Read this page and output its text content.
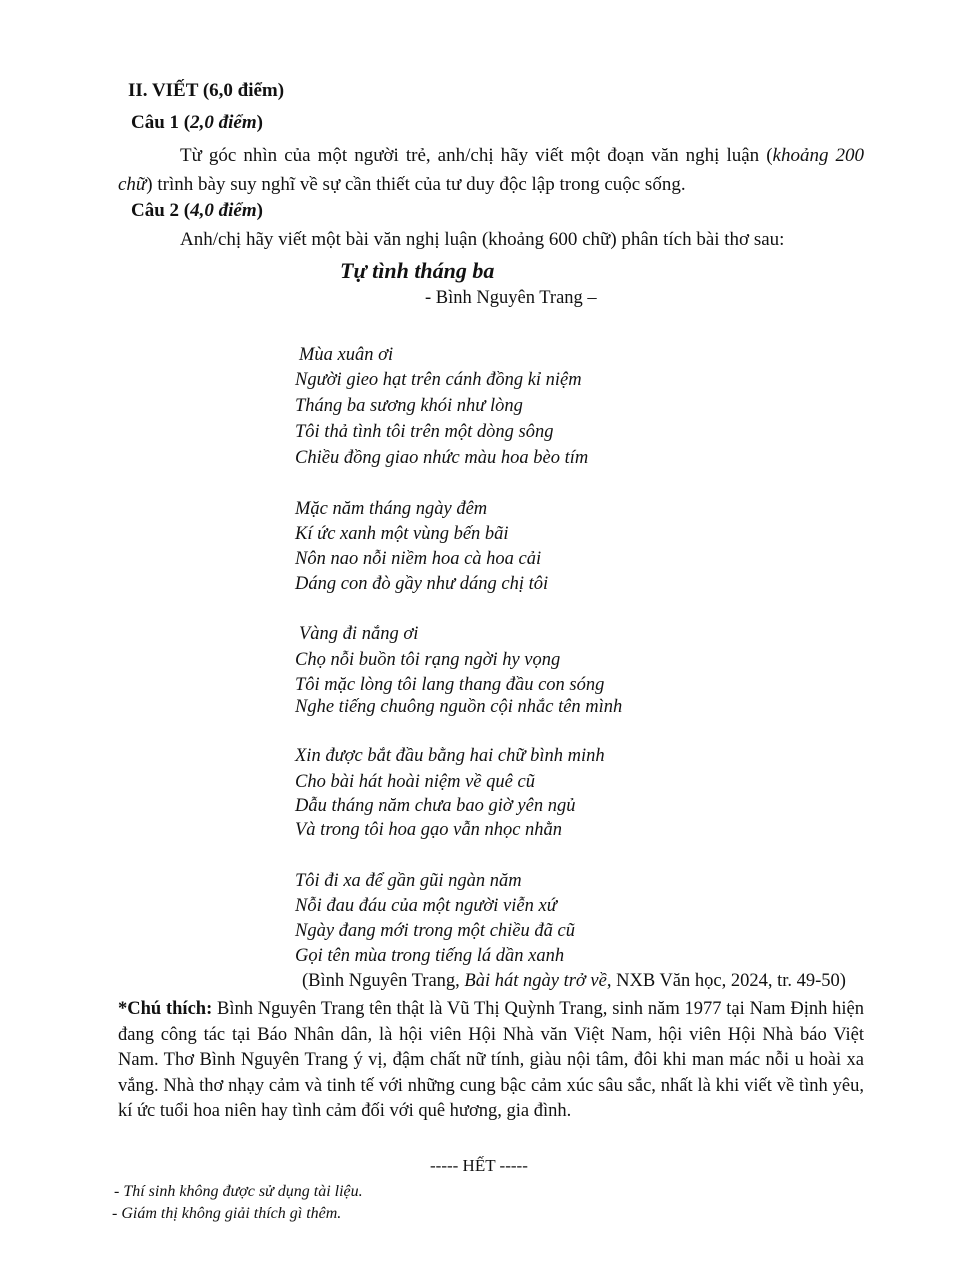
II. VIẾT (6,0 điểm)
Câu 1 (2,0 điểm)
Từ góc nhìn của một người trẻ, anh/chị hãy viết một đoạn văn nghị luận (khoảng 200 chữ) trình bày suy nghĩ về sự cần thiết của tư duy độc lập trong cuộc sống.
Câu 2 (4,0 điểm)
Anh/chị hãy viết một bài văn nghị luận (khoảng 600 chữ) phân tích bài thơ sau:
Tự tình tháng ba
- Bình Nguyên Trang –
Mùa xuân ơi
Người gieo hạt trên cánh đồng kỉ niệm
Tháng ba sương khói như lòng
Tôi thả tình tôi trên một dòng sông
Chiều đồng giao nhức màu hoa bèo tím
Mặc năm tháng ngày đêm
Kí ức xanh một vùng bến bãi
Nôn nao nỗi niềm hoa cà hoa cải
Dáng con đò gầy như dáng chị tôi
Vàng đi nắng ơi
Chọ nỗi buồn tôi rạng ngời hy vọng
Tôi mặc lòng tôi lang thang đầu con sóng
Nghe tiếng chuông nguồn cội nhắc tên mình
Xin được bắt đầu bằng hai chữ bình minh
Cho bài hát hoài niệm về quê cũ
Dẫu tháng năm chưa bao giờ yên ngủ
Và trong tôi hoa gạo vẫn nhọc nhằn
Tôi đi xa để gần gũi ngàn năm
Nỗi đau đáu của một người viễn xứ
Ngày đang mới trong một chiều đã cũ
Gọi tên mùa trong tiếng lá dần xanh
(Bình Nguyên Trang, Bài hát ngày trở về, NXB Văn học, 2024, tr. 49-50)
*Chú thích: Bình Nguyên Trang tên thật là Vũ Thị Quỳnh Trang, sinh năm 1977 tại Nam Định hiện đang công tác tại Báo Nhân dân, là hội viên Hội Nhà văn Việt Nam, hội viên Hội Nhà báo Việt Nam. Thơ Bình Nguyên Trang ý vị, đậm chất nữ tính, giàu nội tâm, đôi khi man mác nỗi u hoài xa vắng. Nhà thơ nhạy cảm và tinh tế với những cung bậc cảm xúc sâu sắc, nhất là khi viết về tình yêu, kí ức tuổi hoa niên hay tình cảm đối với quê hương, gia đình.
----- HẾT -----
- Thí sinh không được sử dụng tài liệu.
- Giám thị không giải thích gì thêm.
